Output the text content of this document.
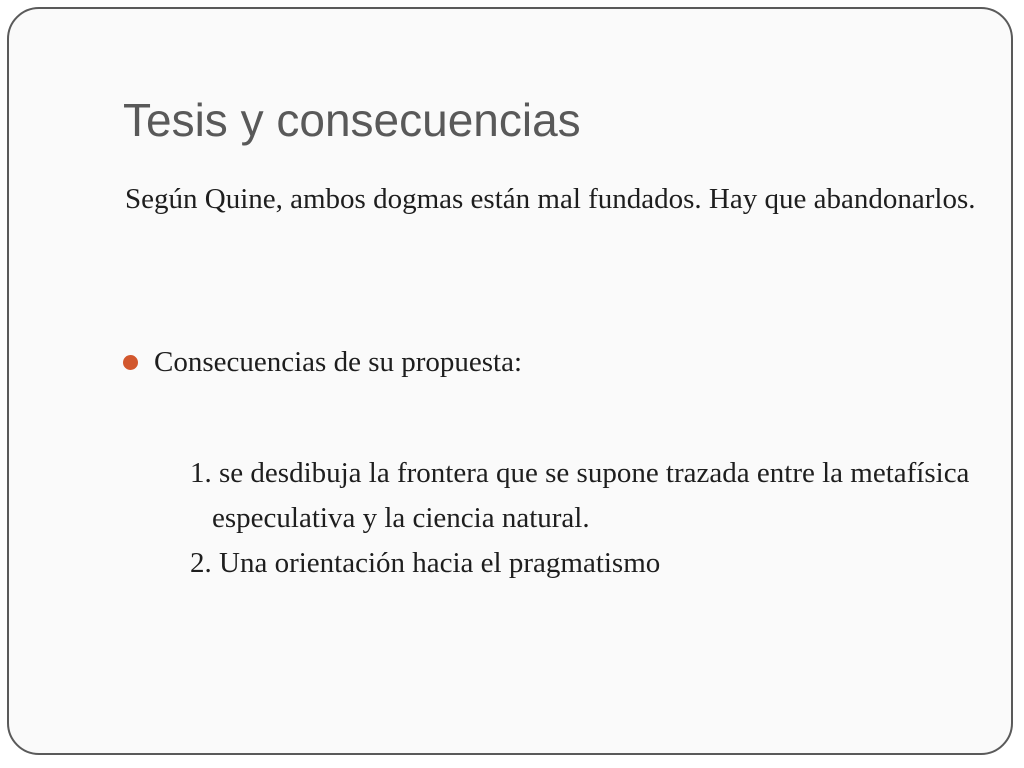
Tesis y consecuencias

Según Quine, ambos dogmas están mal fundados. Hay que abandonarlos.

Consecuencias de su propuesta:
1. se desdibuja la frontera que se supone trazada entre la metafísica especulativa y la ciencia natural.
2. Una orientación hacia el pragmatismo
